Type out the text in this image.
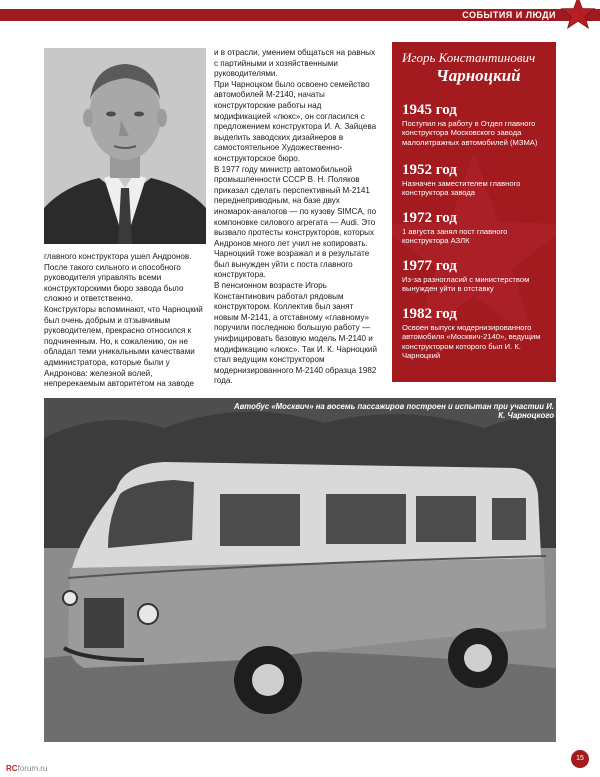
СОБЫТИЯ И ЛЮДИ

главного конструктора ушел Андронов. После такого сильного и способного руководителя управлять всеми конструкторскими бюро завода было сложно и ответственно.

Конструкторы вспоминают, что Чарноцкий был очень добрым и отзывчивым руководителем, прекрасно относился к подчиненным. Но, к сожалению, он не обладал теми уникальными качествами администратора, которые были у Андронова: железной волей, непререкаемым авторитетом на заводе

и в отрасли, умением общаться на равных с партийными и хозяйственными руководителями.

При Чарноцком было освоено семейство автомобилей М-2140, начаты конструкторские работы над модификацией «люкс», он согласился с предложением конструктора И. А. Зайцева выделить заводских дизайнеров в самостоятельное Художественно-конструкторское бюро.

В 1977 году министр автомобильной промышленности СССР В. Н. Поляков приказал сделать перспективный М-2141 переднеприводным, на базе двух иномарок-аналогов — по кузову SIMCA, по компоновке силового агрегата — Audi. Это вызвало протесты конструкторов, которых Андронов много лет учил не копировать. Чарноцкий тоже возражал и в результате был вынужден уйти с поста главного конструктора.

В пенсионном возрасте Игорь Константинович работал рядовым конструктором. Коллектив был занят новым М-2141, а отставному «главному» поручили последнюю большую работу — унифицировать базовую модель М-2140 и модификацию «люкс». Так И. К. Чарноцкий стал ведущим конструктором модернизированного М-2140 образца 1982 года.

Игорь Константинович
Чарноцкий
1945 год
Поступил на работу в Отдел главного конструктора Московского завода малолитражных автомобилей (МЗМА)
1952 год
Назначен заместителем главного конструктора завода
1972 год
1 августа занял пост главного конструктора АЗЛК
1977 год
Из-за разногласий с министерством вынужден уйти в отставку
1982 год
Освоен выпуск модернизированного автомобиля «Москвич-2140», ведущим конструктором которого был И. К. Чарноцкий
Автобус «Москвич» на восемь пассажиров построен и испытан при участии И. К. Чарноцкого
RCforum.ru
15
